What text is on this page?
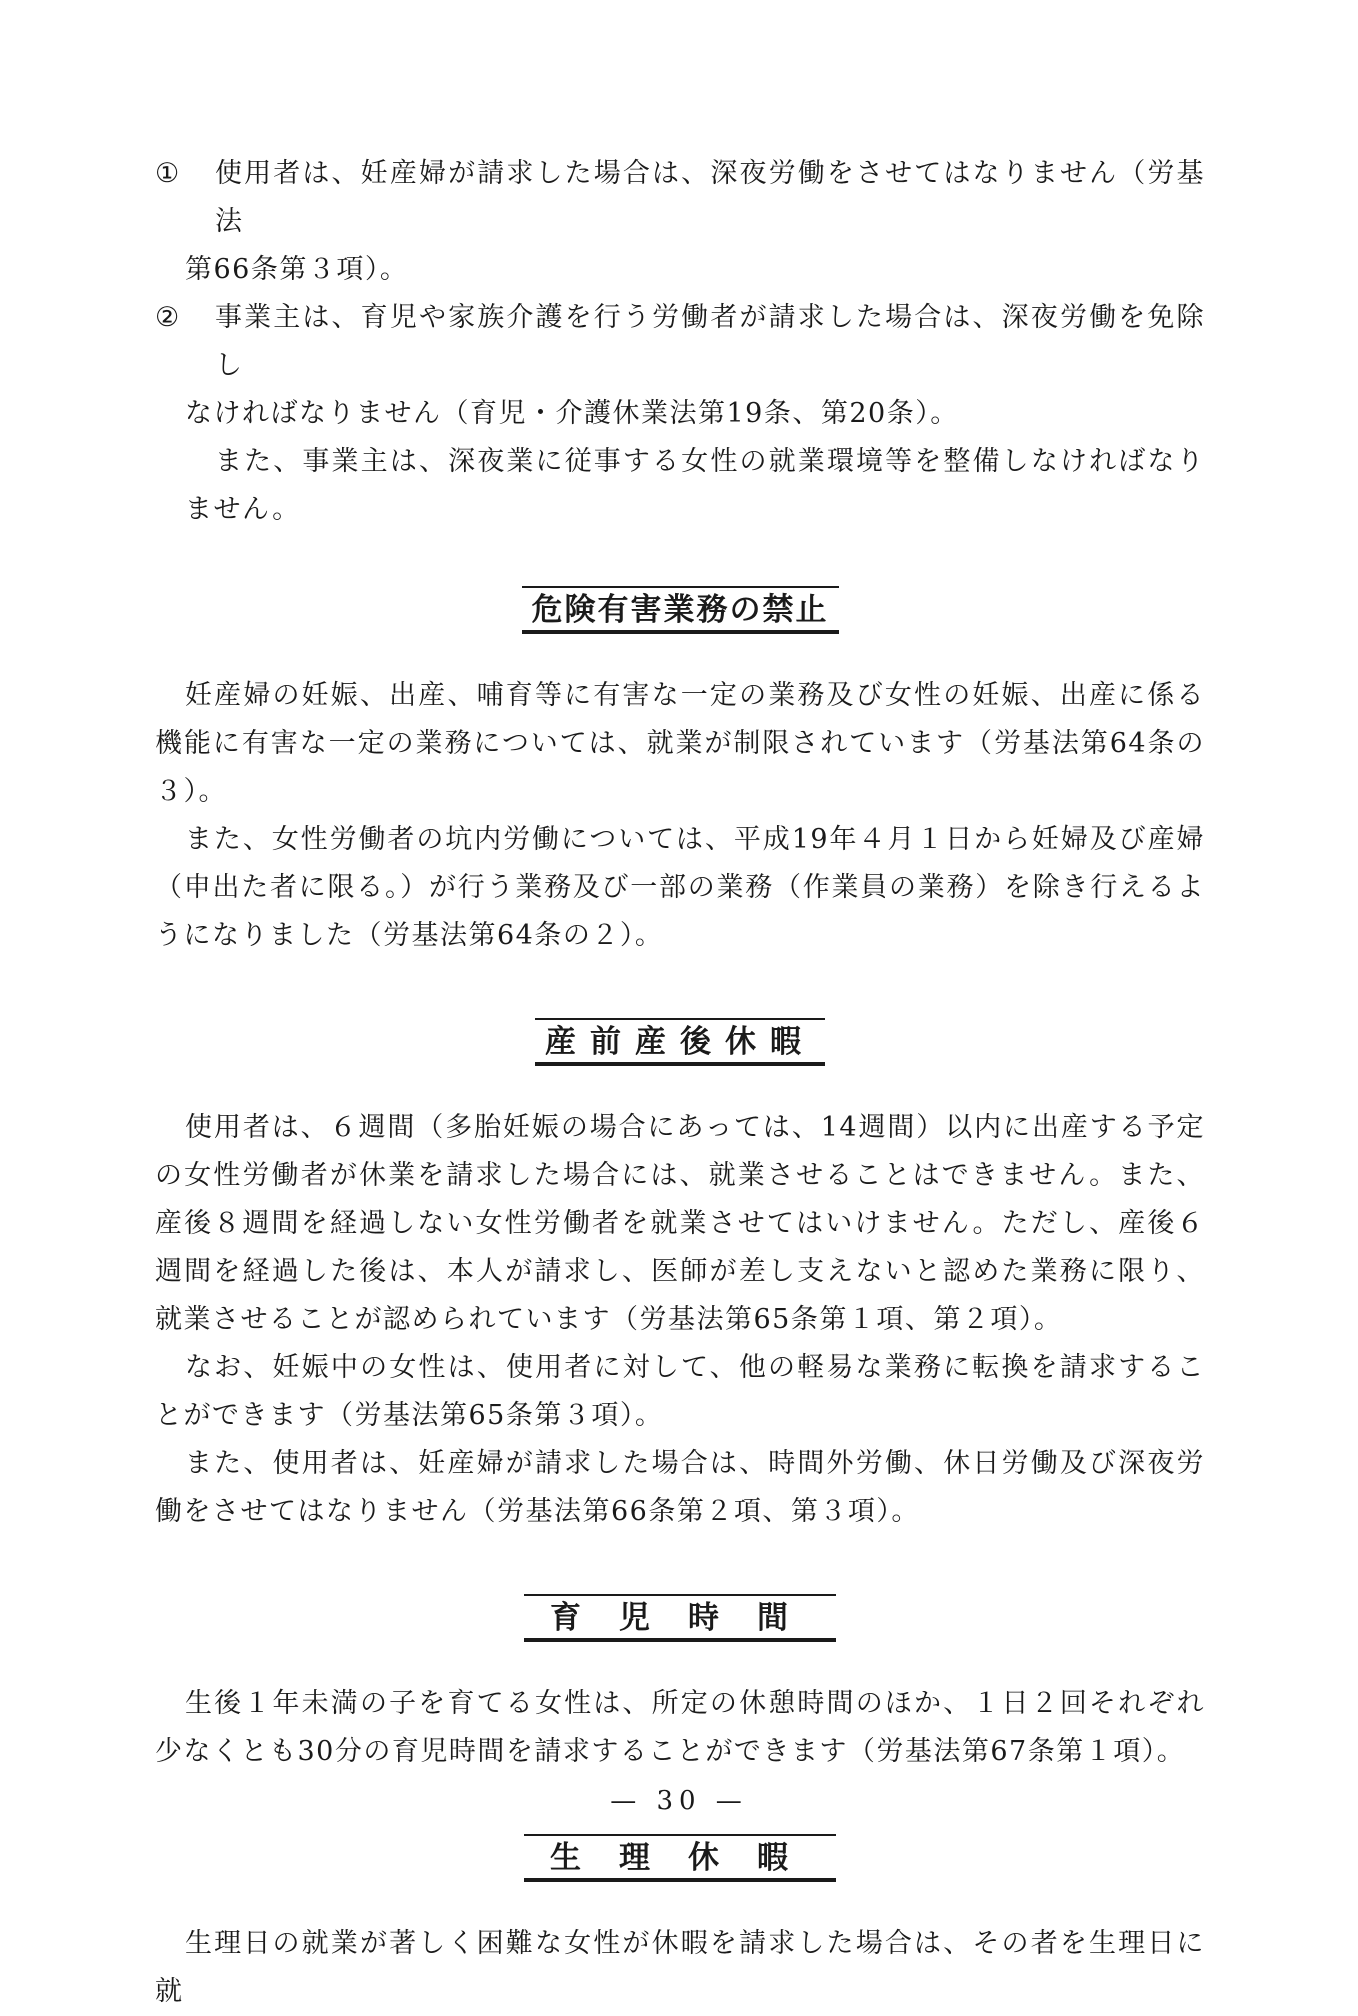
①	使用者は、妊産婦が請求した場合は、深夜労働をさせてはなりません（労基法
第66条第３項）。
②	事業主は、育児や家族介護を行う労働者が請求した場合は、深夜労働を免除し
なければなりません（育児・介護休業法第19条、第20条）。

また、事業主は、深夜業に従事する女性の就業環境等を整備しなければなりません。

危険有害業務の禁止

妊産婦の妊娠、出産、哺育等に有害な一定の業務及び女性の妊娠、出産に係る機能に有害な一定の業務については、就業が制限されています（労基法第64条の３）。

また、女性労働者の坑内労働については、平成19年４月１日から妊婦及び産婦（申出た者に限る。）が行う業務及び一部の業務（作業員の業務）を除き行えるようになりました（労基法第64条の２）。

産前産後休暇

使用者は、６週間（多胎妊娠の場合にあっては、14週間）以内に出産する予定の女性労働者が休業を請求した場合には、就業させることはできません。また、産後８週間を経過しない女性労働者を就業させてはいけません。ただし、産後６週間を経過した後は、本人が請求し、医師が差し支えないと認めた業務に限り、就業させることが認められています（労基法第65条第１項、第２項）。

なお、妊娠中の女性は、使用者に対して、他の軽易な業務に転換を請求することができます（労基法第65条第３項）。

また、使用者は、妊産婦が請求した場合は、時間外労働、休日労働及び深夜労働をさせてはなりません（労基法第66条第２項、第３項）。

育児時間

生後１年未満の子を育てる女性は、所定の休憩時間のほか、１日２回それぞれ少なくとも30分の育児時間を請求することができます（労基法第67条第１項）。

生理休暇

生理日の就業が著しく困難な女性が休暇を請求した場合は、その者を生理日に就

— 30 —
